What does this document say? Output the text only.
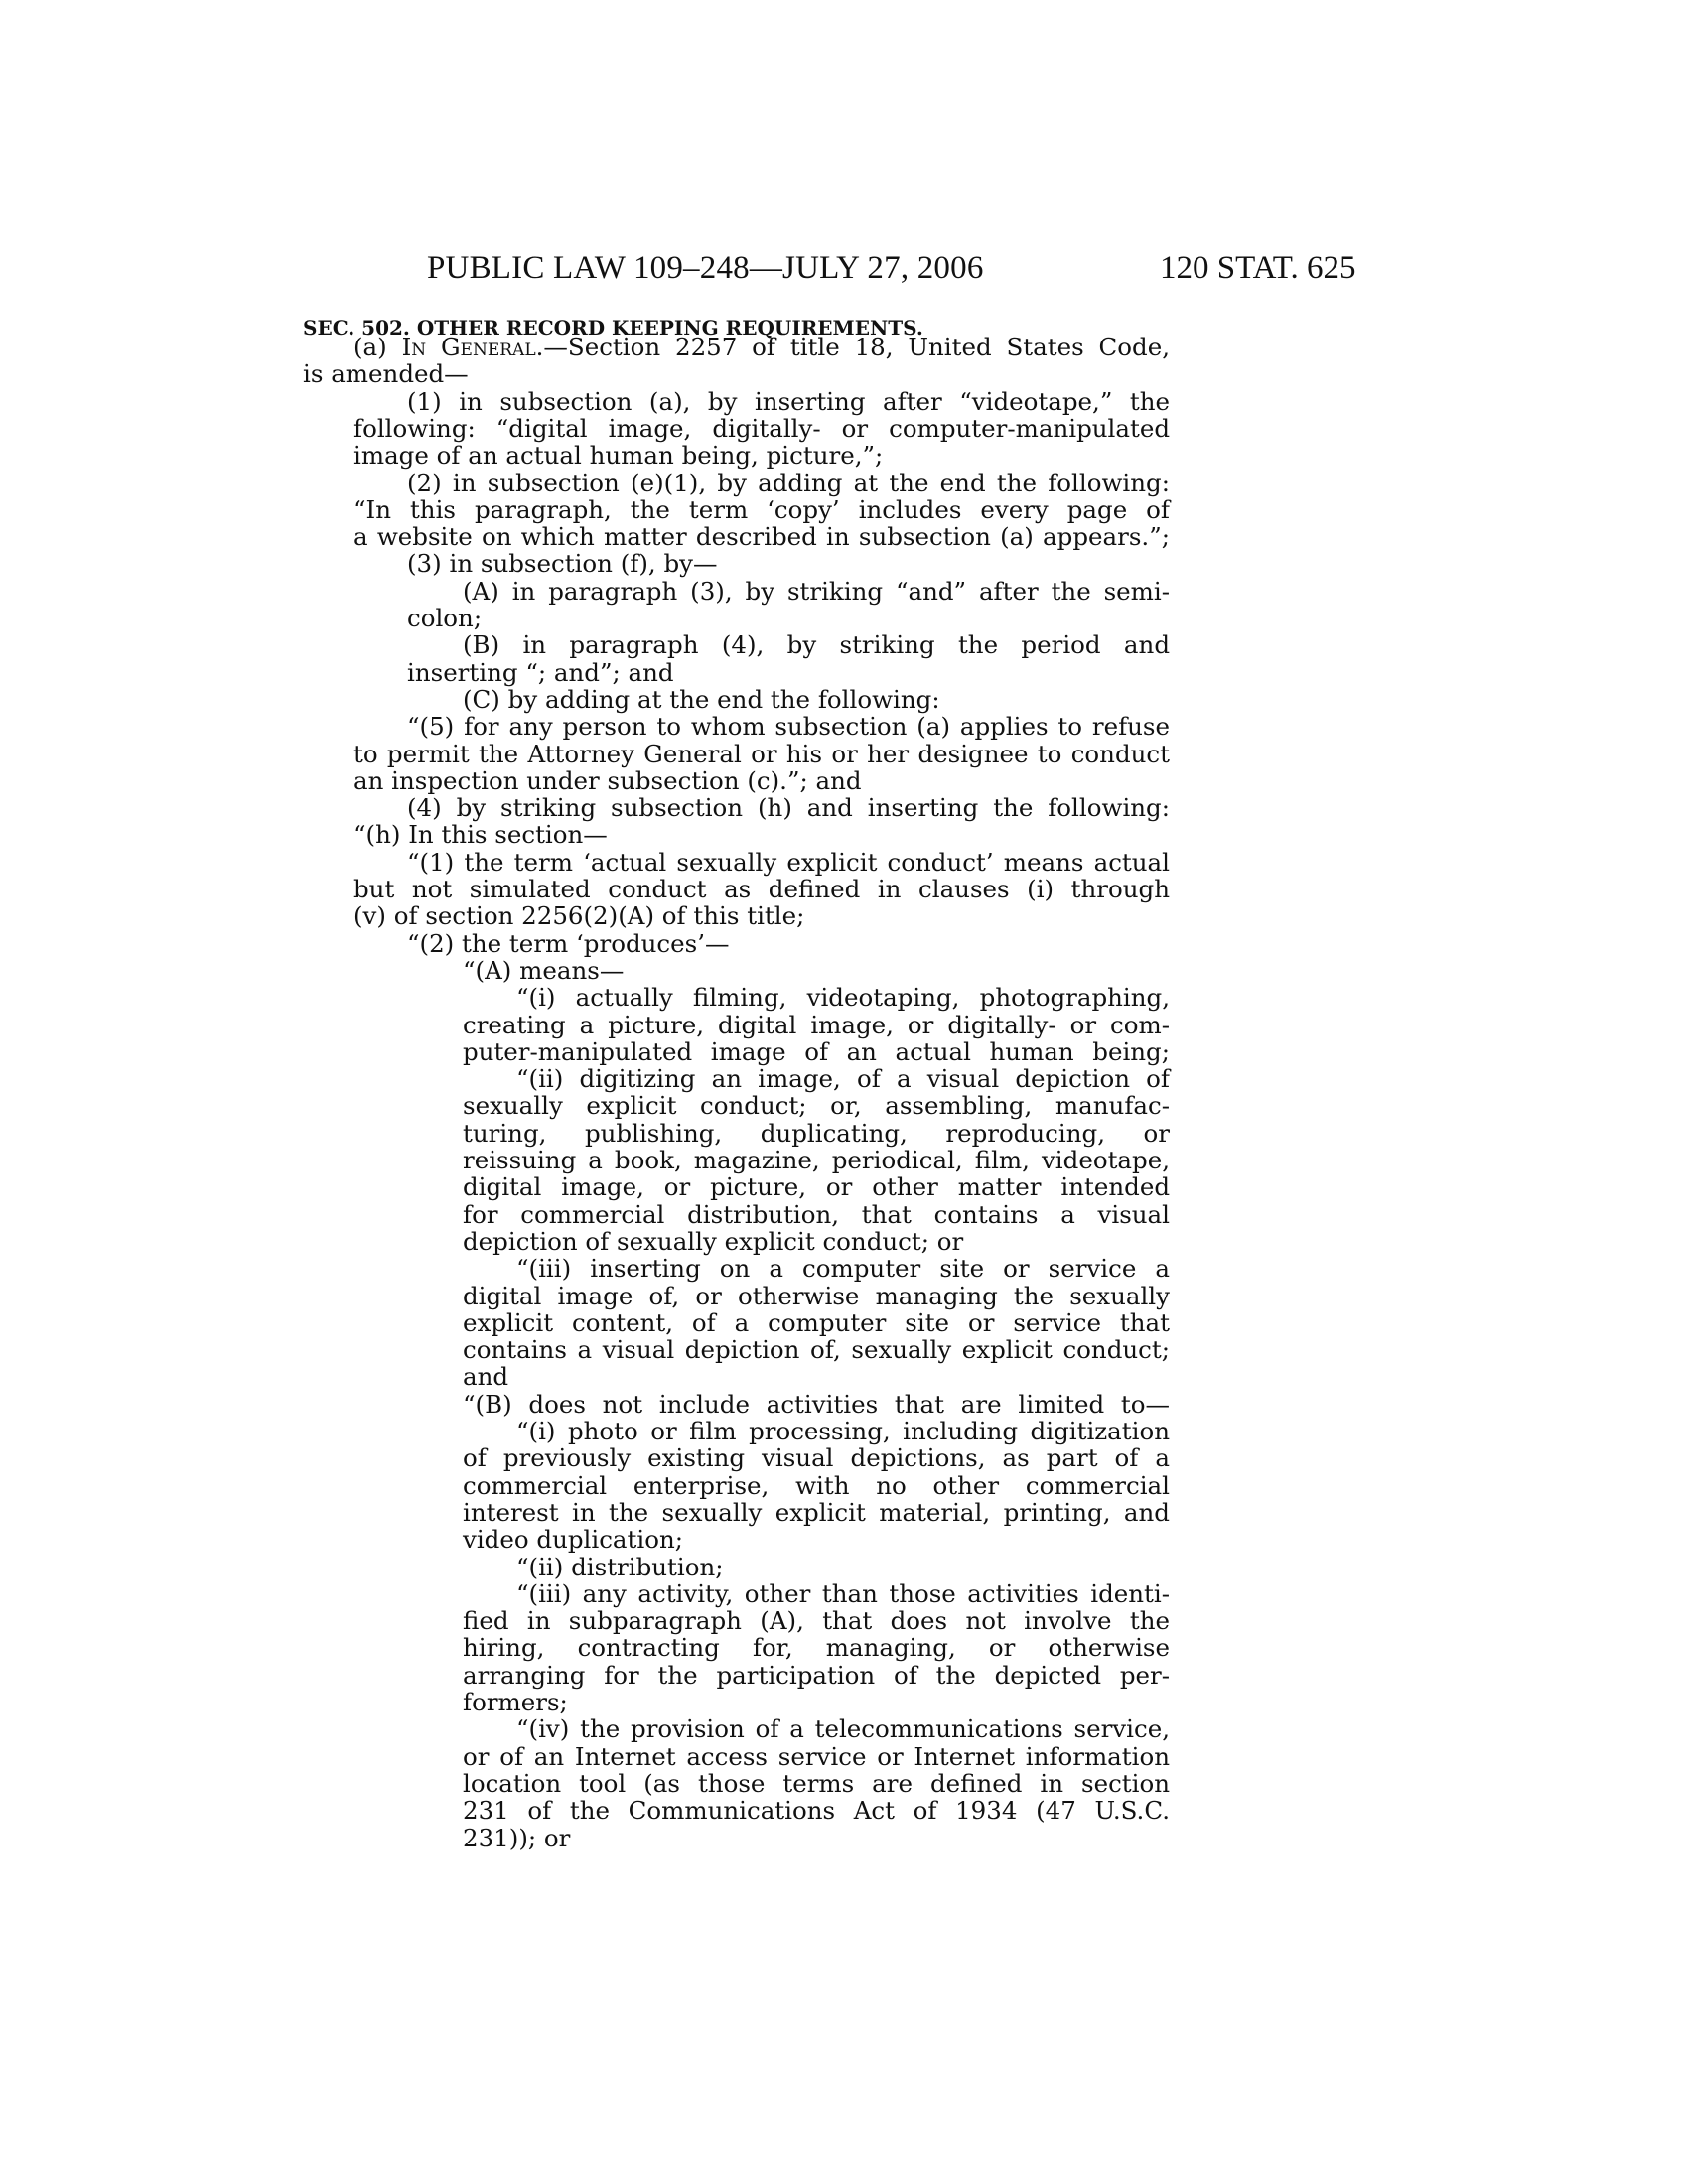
PUBLIC LAW 109–248—JULY 27, 2006	120 STAT. 625
SEC. 502. OTHER RECORD KEEPING REQUIREMENTS.
(a) In General.—Section 2257 of title 18, United States Code,
is amended—
(1) in subsection (a), by inserting after “videotape,” the
following: “digital image, digitally- or computer-manipulated
image of an actual human being, picture,”;
(2) in subsection (e)(1), by adding at the end the following:
“In this paragraph, the term ‘copy’ includes every page of
a website on which matter described in subsection (a) appears.”;
(3) in subsection (f), by—
(A) in paragraph (3), by striking “and” after the semi-
colon;
(B) in paragraph (4), by striking the period and
inserting “; and”; and
(C) by adding at the end the following:
“(5) for any person to whom subsection (a) applies to refuse
to permit the Attorney General or his or her designee to conduct
an inspection under subsection (c).”; and
(4) by striking subsection (h) and inserting the following:
“(h) In this section—
“(1) the term ‘actual sexually explicit conduct’ means actual
but not simulated conduct as defined in clauses (i) through
(v) of section 2256(2)(A) of this title;
“(2) the term ‘produces’—
“(A) means—
“(i) actually filming, videotaping, photographing,
creating a picture, digital image, or digitally- or com-
puter-manipulated image of an actual human being;
“(ii) digitizing an image, of a visual depiction of
sexually explicit conduct; or, assembling, manufac-
turing, publishing, duplicating, reproducing, or
reissuing a book, magazine, periodical, film, videotape,
digital image, or picture, or other matter intended
for commercial distribution, that contains a visual
depiction of sexually explicit conduct; or
“(iii) inserting on a computer site or service a
digital image of, or otherwise managing the sexually
explicit content, of a computer site or service that
contains a visual depiction of, sexually explicit conduct;
and
“(B) does not include activities that are limited to—
“(i) photo or film processing, including digitization
of previously existing visual depictions, as part of a
commercial enterprise, with no other commercial
interest in the sexually explicit material, printing, and
video duplication;
“(ii) distribution;
“(iii) any activity, other than those activities identi-
fied in subparagraph (A), that does not involve the
hiring, contracting for, managing, or otherwise
arranging for the participation of the depicted per-
formers;
“(iv) the provision of a telecommunications service,
or of an Internet access service or Internet information
location tool (as those terms are defined in section
231 of the Communications Act of 1934 (47 U.S.C.
231)); or
